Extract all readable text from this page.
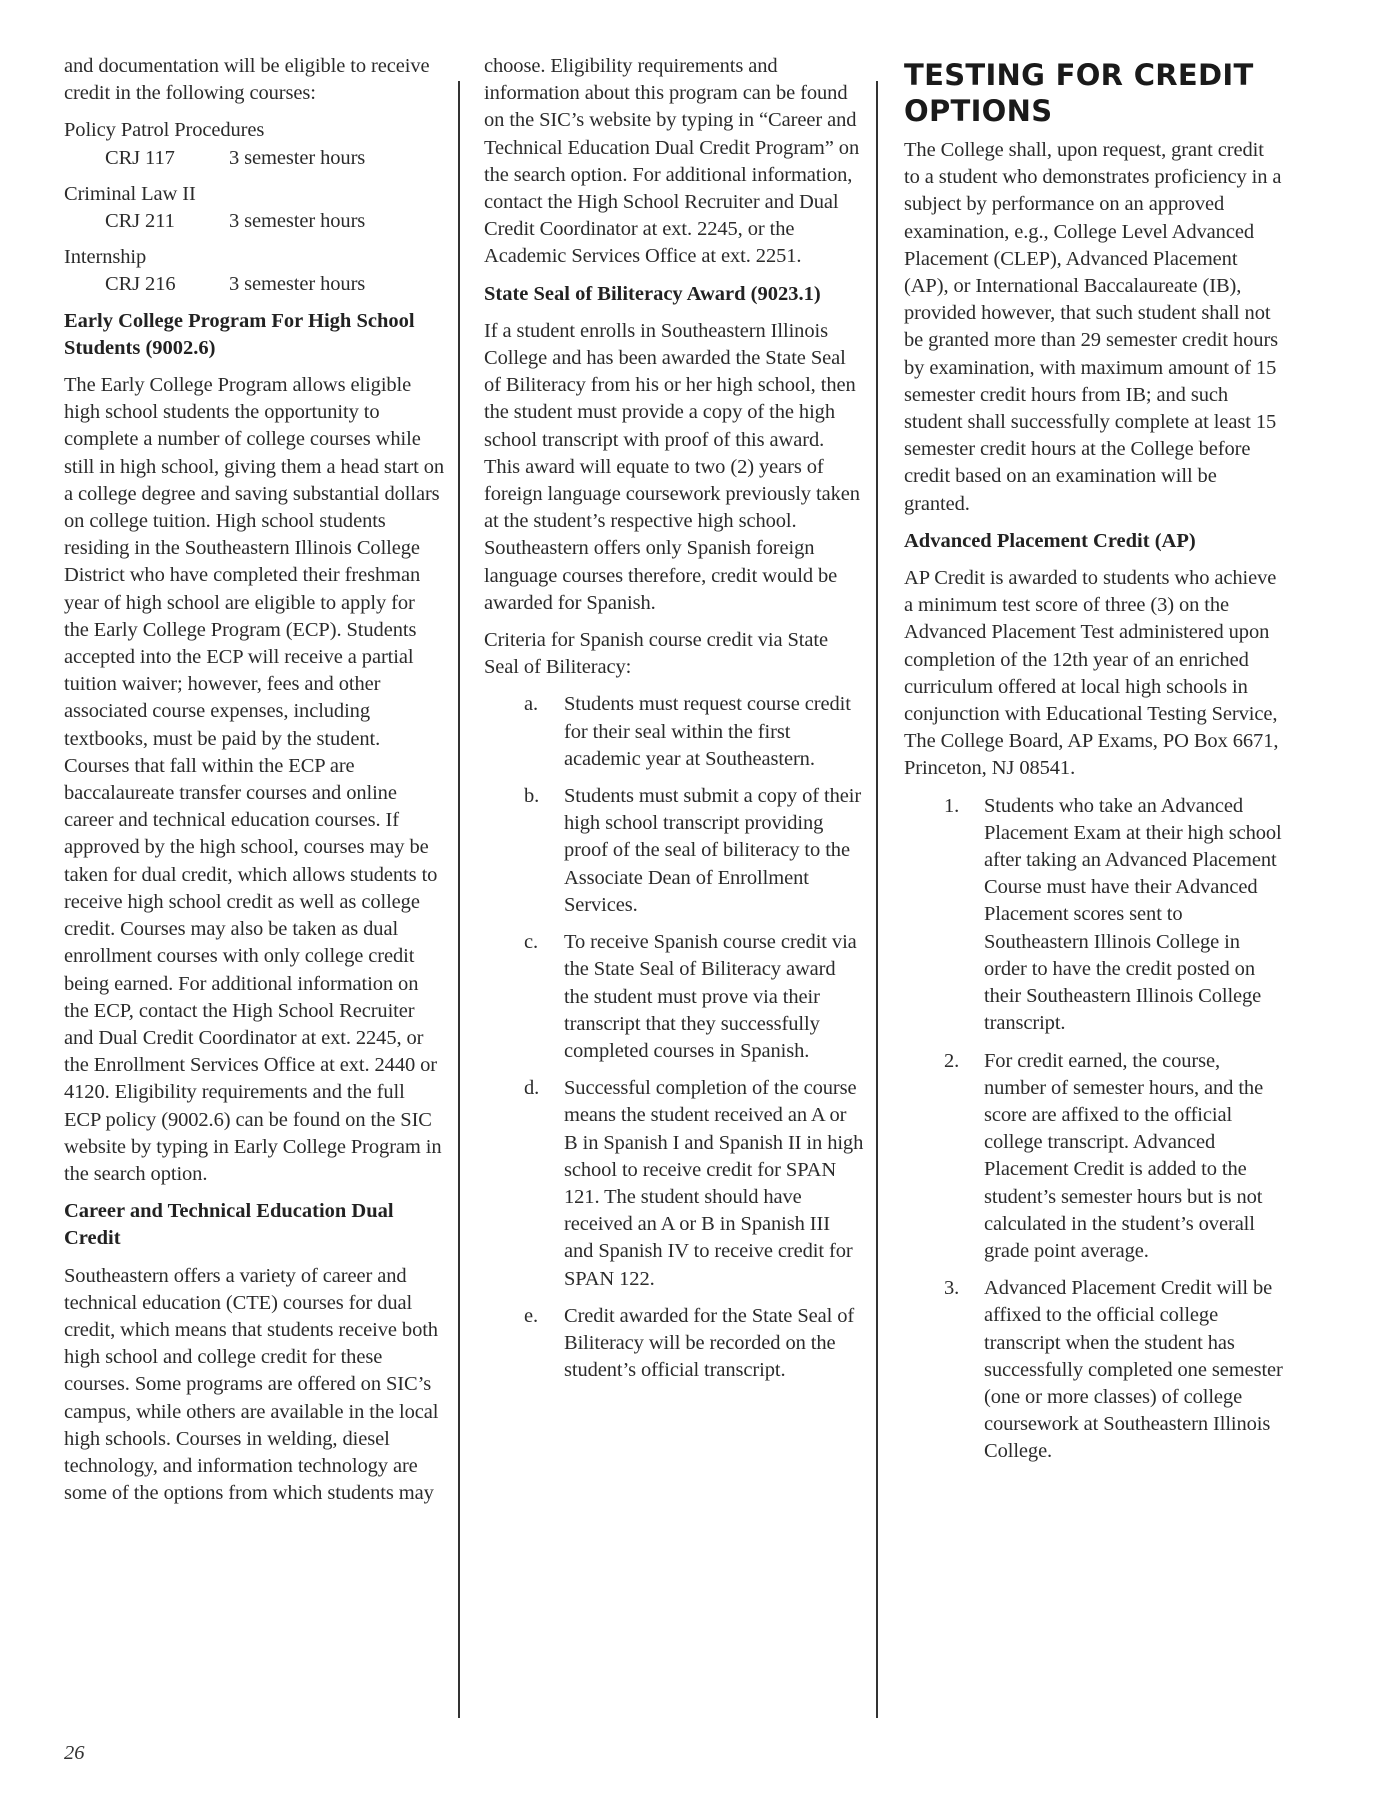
and documentation will be eligible to receive credit in the following courses:

Policy Patrol Procedures
CRJ 117	3 semester hours
Criminal Law II
CRJ 211	3 semester hours
Internship
CRJ 216	3 semester hours
Early College Program For High School Students (9002.6)

The Early College Program allows eligible high school students the opportunity to complete a number of college courses while still in high school, giving them a head start on a college degree and saving substantial dollars on college tuition. High school students residing in the Southeastern Illinois College District who have completed their freshman year of high school are eligible to apply for the Early College Program (ECP). Students accepted into the ECP will receive a partial tuition waiver; however, fees and other associated course expenses, including textbooks, must be paid by the student. Courses that fall within the ECP are baccalaureate transfer courses and online career and technical education courses. If approved by the high school, courses may be taken for dual credit, which allows students to receive high school credit as well as college credit. Courses may also be taken as dual enrollment courses with only college credit being earned. For additional information on the ECP, contact the High School Recruiter and Dual Credit Coordinator at ext. 2245, or the Enrollment Services Office at ext. 2440 or 4120. Eligibility requirements and the full ECP policy (9002.6) can be found on the SIC website by typing in Early College Program in the search option.

Career and Technical Education Dual Credit

Southeastern offers a variety of career and technical education (CTE) courses for dual credit, which means that students receive both high school and college credit for these courses. Some programs are offered on SIC’s campus, while others are available in the local high schools. Courses in welding, diesel technology, and information technology are some of the options from which students may

choose. Eligibility requirements and information about this program can be found on the SIC’s website by typing in “Career and Technical Education Dual Credit Program” on the search option. For additional information, contact the High School Recruiter and Dual Credit Coordinator at ext. 2245, or the Academic Services Office at ext. 2251.

State Seal of Biliteracy Award (9023.1)

If a student enrolls in Southeastern Illinois College and has been awarded the State Seal of Biliteracy from his or her high school, then the student must provide a copy of the high school transcript with proof of this award. This award will equate to two (2) years of foreign language coursework previously taken at the student’s respective high school. Southeastern offers only Spanish foreign language courses therefore, credit would be awarded for Spanish.

Criteria for Spanish course credit via State Seal of Biliteracy:

a.	Students must request course credit for their seal within the first academic year at Southeastern.
b.	Students must submit a copy of their high school transcript providing proof of the seal of biliteracy to the Associate Dean of Enrollment Services.
c.	To receive Spanish course credit via the State Seal of Biliteracy award the student must prove via their transcript that they successfully completed courses in Spanish.
d.	Successful completion of the course means the student received an A or B in Spanish I and Spanish II in high school to receive credit for SPAN 121. The student should have received an A or B in Spanish III and Spanish IV to receive credit for SPAN 122.
e.	Credit awarded for the State Seal of Biliteracy will be recorded on the student’s official transcript.
TESTING FOR CREDIT OPTIONS

The College shall, upon request, grant credit to a student who demonstrates proficiency in a subject by performance on an approved examination, e.g., College Level Advanced Placement (CLEP), Advanced Placement (AP), or International Baccalaureate (IB), provided however, that such student shall not be granted more than 29 semester credit hours by examination, with maximum amount of 15 semester credit hours from IB; and such student shall successfully complete at least 15 semester credit hours at the College before credit based on an examination will be granted.

Advanced Placement Credit (AP)

AP Credit is awarded to students who achieve a minimum test score of three (3) on the Advanced Placement Test administered upon completion of the 12th year of an enriched curriculum offered at local high schools in conjunction with Educational Testing Service, The College Board, AP Exams, PO Box 6671, Princeton, NJ 08541.

1.	Students who take an Advanced Placement Exam at their high school after taking an Advanced Placement Course must have their Advanced Placement scores sent to Southeastern Illinois College in order to have the credit posted on their Southeastern Illinois College transcript.
2.	For credit earned, the course, number of semester hours, and the score are affixed to the official college transcript. Advanced Placement Credit is added to the student’s semester hours but is not calculated in the student’s overall grade point average.
3.	Advanced Placement Credit will be affixed to the official college transcript when the student has successfully completed one semester (one or more classes) of college coursework at Southeastern Illinois College.
26
